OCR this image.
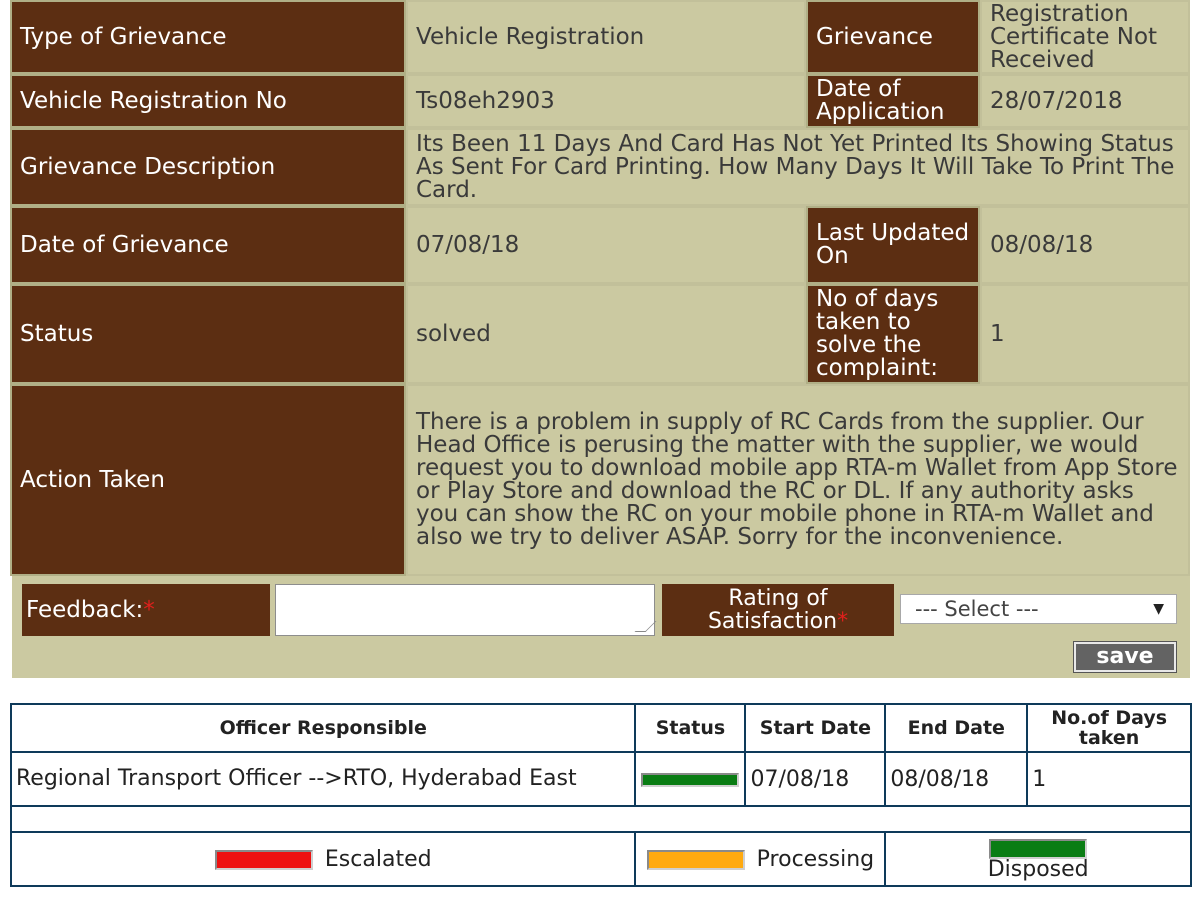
Type of Grievance	Vehicle Registration	Grievance	Registration Certificate Not Received
Vehicle Registration No	Ts08eh2903	Date of Application	28/07/2018
Grievance Description	Its Been 11 Days And Card Has Not Yet Printed Its Showing Status As Sent For Card Printing. How Many Days It Will Take To Print The Card.		
Date of Grievance	07/08/18	Last Updated On	08/08/18
Status	solved	No of days taken to solve the complaint:	1
Action Taken	There is a problem in supply of RC Cards from the supplier. Our Head Office is perusing the matter with the supplier, we would request you to download mobile app RTA-m Wallet from App Store or Play Store and download the RC or DL. If any authority asks you can show the RC on your mobile phone in RTA-m Wallet and also we try to deliver ASAP. Sorry for the inconvenience.		
Feedback:*	Rating of Satisfaction*	--- Select ---	▼
save
Officer Responsible	Status	Start Date	End Date	No.of Days taken
Regional Transport Officer -->RTO, Hyderabad East		07/08/18	08/08/18	1

Escalated	Processing		Disposed	
